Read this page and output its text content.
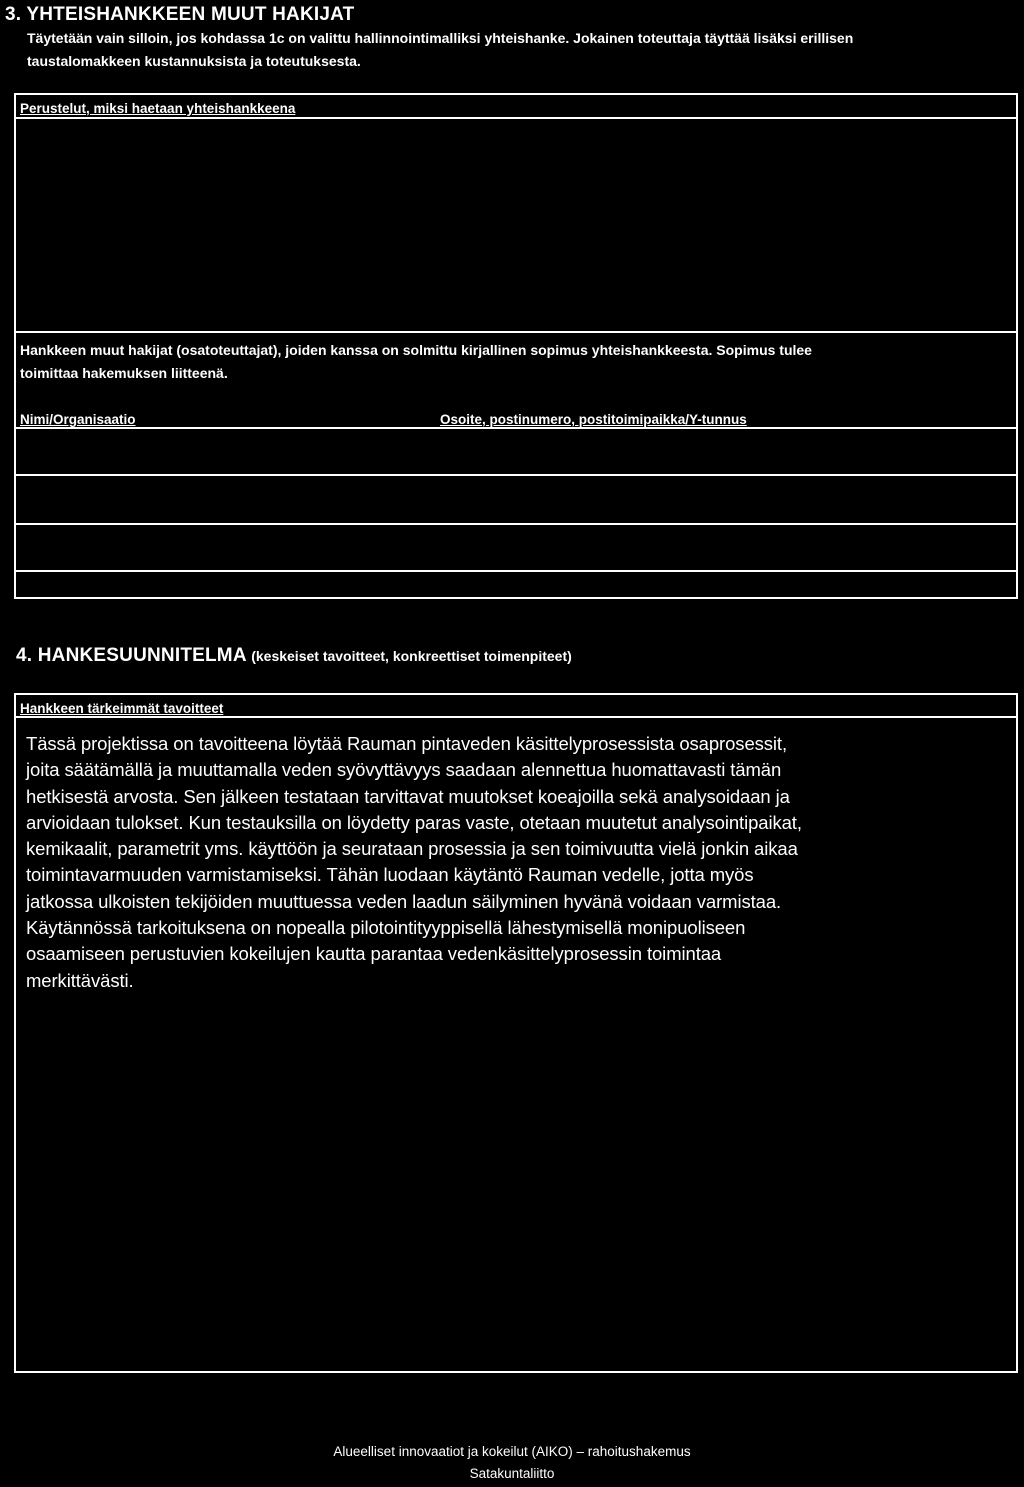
3. YHTEISHANKKEEN MUUT HAKIJAT
Täytetään vain silloin, jos kohdassa 1c on valittu hallinnointimalliksi yhteishanke. Jokainen toteuttaja täyttää lisäksi erillisen
taustalomakkeen kustannuksista ja toteutuksesta.
Perustelut, miksi haetaan yhteishankkeena
Hankkeen muut hakijat (osatoteuttajat), joiden kanssa on solmittu kirjallinen sopimus yhteishankkeesta. Sopimus tulee
toimittaa hakemuksen liitteenä.
Nimi/Organisaatio	Osoite, postinumero, postitoimipaikka/Y-tunnus
4. HANKESUUNNITELMA (keskeiset tavoitteet, konkreettiset toimenpiteet)
Hankkeen tärkeimmät tavoitteet
Tässä projektissa on tavoitteena löytää Rauman pintaveden käsittelyprosessista osaprosessit,
joita säätämällä ja muuttamalla veden syövyttävyys saadaan alennettua huomattavasti tämän
hetkisestä arvosta. Sen jälkeen testataan tarvittavat muutokset koeajoilla sekä analysoidaan ja
arvioidaan tulokset. Kun testauksilla on löydetty paras vaste, otetaan muutetut analysointipaikat,
kemikaalit, parametrit yms. käyttöön ja seurataan prosessia ja sen toimivuutta vielä jonkin aikaa
toimintavarmuuden varmistamiseksi. Tähän luodaan käytäntö Rauman vedelle, jotta myös
jatkossa ulkoisten tekijöiden muuttuessa veden laadun säilyminen hyvänä voidaan varmistaa.
Käytännössä tarkoituksena on nopealla pilotointityyppisellä lähestymisellä monipuoliseen
osaamiseen perustuvien kokeilujen kautta parantaa vedenkäsittelyprosessin toimintaa
merkittävästi.
Alueelliset innovaatiot ja kokeilut (AIKO) – rahoitushakemus
Satakuntaliitto
